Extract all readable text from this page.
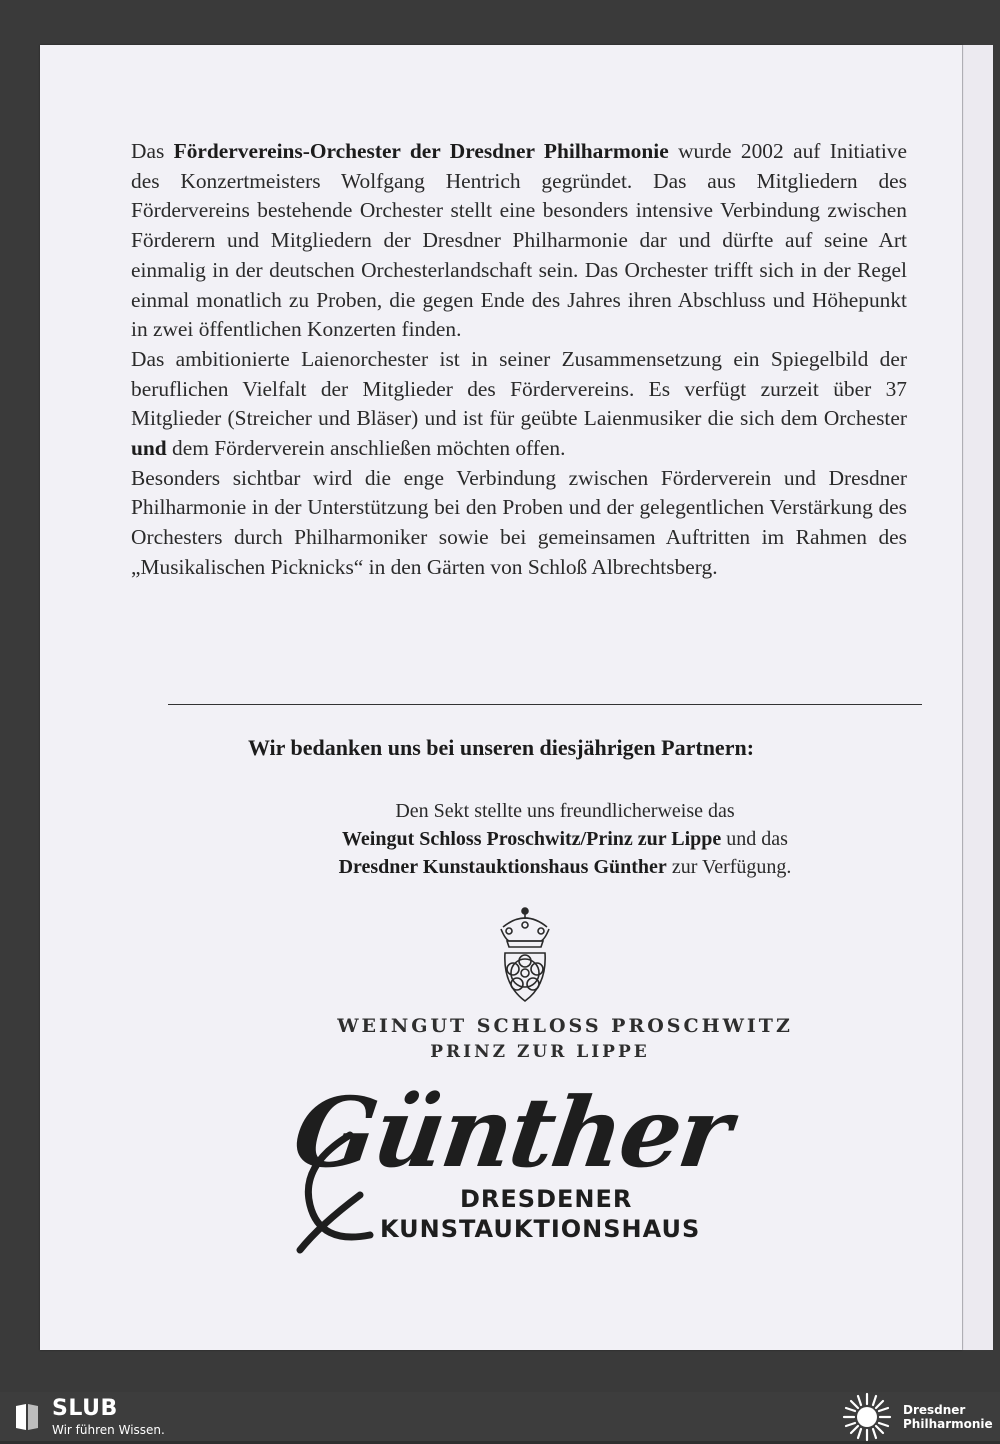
Das Fördervereins-Orchester der Dresdner Philharmonie wurde 2002 auf Initiative des Konzertmeisters Wolfgang Hentrich gegründet. Das aus Mitgliedern des Fördervereins bestehende Orchester stellt eine besonders intensive Verbindung zwischen Förderern und Mitgliedern der Dresdner Philharmonie dar und dürfte auf seine Art einmalig in der deutschen Orchesterlandschaft sein. Das Orchester trifft sich in der Regel einmal monatlich zu Proben, die gegen Ende des Jahres ihren Abschluss und Höhepunkt in zwei öffentlichen Konzerten finden.

Das ambitionierte Laienorchester ist in seiner Zusammensetzung ein Spiegelbild der beruflichen Vielfalt der Mitglieder des Fördervereins. Es verfügt zurzeit über 37 Mitglieder (Streicher und Bläser) und ist für geübte Laienmusiker die sich dem Orchester und dem Förderverein anschließen möchten offen.

Besonders sichtbar wird die enge Verbindung zwischen Förderverein und Dresdner Philharmonie in der Unterstützung bei den Proben und der gelegentlichen Verstärkung des Orchesters durch Philharmoniker sowie bei gemeinsamen Auftritten im Rahmen des „Musikalischen Picknicks“ in den Gärten von Schloß Albrechtsberg.

Wir bedanken uns bei unseren diesjährigen Partnern:
Den Sekt stellte uns freundlicherweise das
Weingut Schloss Proschwitz/Prinz zur Lippe und das
Dresdner Kunstauktionshaus Günther zur Verfügung.
WEINGUT SCHLOSS PROSCHWITZ
PRINZ ZUR LIPPE
Günther
DRESDENER
KUNSTAUKTIONSHAUS
SLUB
Wir führen Wissen.
Dresdner
Philharmonie
